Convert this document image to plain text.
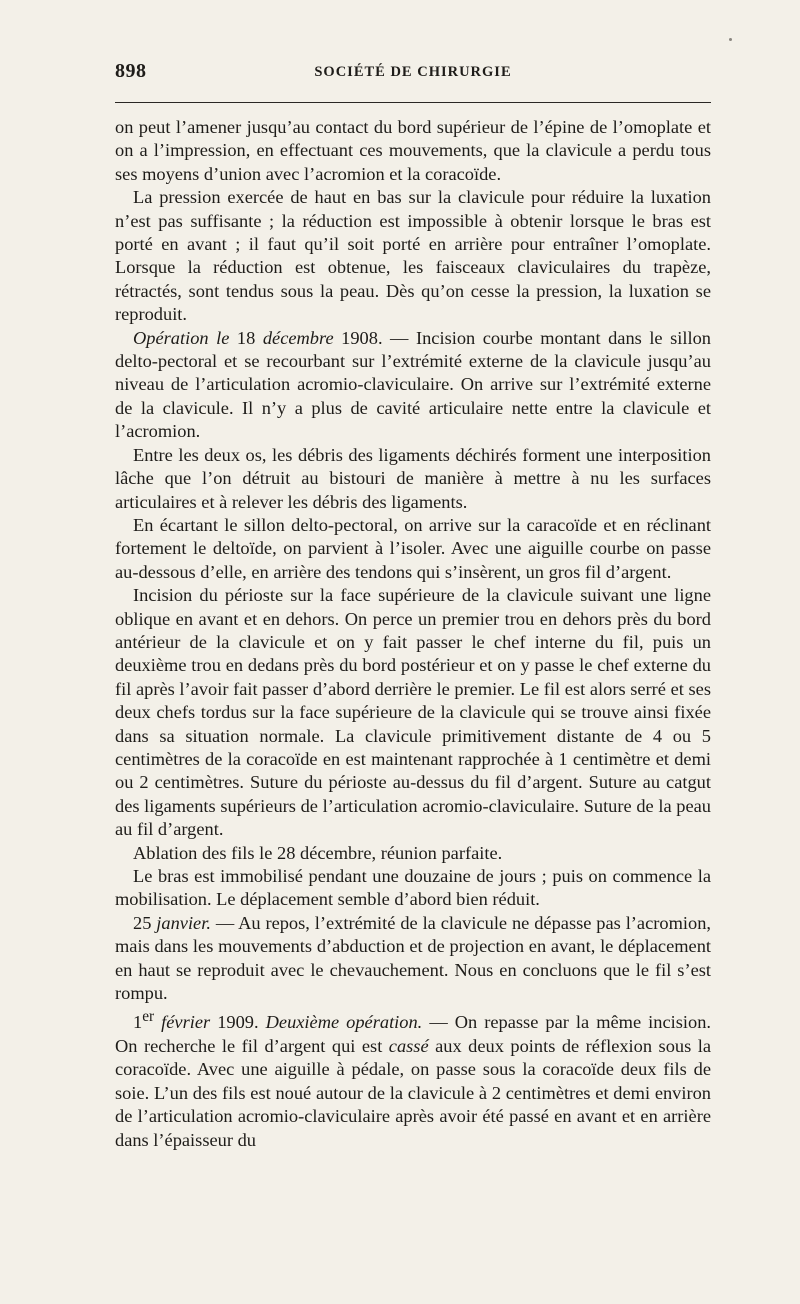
898	SOCIÉTÉ DE CHIRURGIE

on peut l’amener jusqu’au contact du bord supérieur de l’épine de l’omoplate et on a l’impression, en effectuant ces mouvements, que la clavicule a perdu tous ses moyens d’union avec l’acromion et la coracoïde.

La pression exercée de haut en bas sur la clavicule pour réduire la luxation n’est pas suffisante ; la réduction est impossible à obtenir lorsque le bras est porté en avant ; il faut qu’il soit porté en arrière pour entraîner l’omoplate. Lorsque la réduction est obtenue, les faisceaux claviculaires du trapèze, rétractés, sont tendus sous la peau. Dès qu’on cesse la pression, la luxation se reproduit.

Opération le 18 décembre 1908. — Incision courbe montant dans le sillon delto-pectoral et se recourbant sur l’extrémité externe de la clavicule jusqu’au niveau de l’articulation acromio-claviculaire. On arrive sur l’extrémité externe de la clavicule. Il n’y a plus de cavité articulaire nette entre la clavicule et l’acromion.

Entre les deux os, les débris des ligaments déchirés forment une interposition lâche que l’on détruit au bistouri de manière à mettre à nu les surfaces articulaires et à relever les débris des ligaments.

En écartant le sillon delto-pectoral, on arrive sur la caracoïde et en réclinant fortement le deltoïde, on parvient à l’isoler. Avec une aiguille courbe on passe au-dessous d’elle, en arrière des tendons qui s’insèrent, un gros fil d’argent.

Incision du périoste sur la face supérieure de la clavicule suivant une ligne oblique en avant et en dehors. On perce un premier trou en dehors près du bord antérieur de la clavicule et on y fait passer le chef interne du fil, puis un deuxième trou en dedans près du bord postérieur et on y passe le chef externe du fil après l’avoir fait passer d’abord derrière le premier. Le fil est alors serré et ses deux chefs tordus sur la face supérieure de la clavicule qui se trouve ainsi fixée dans sa situation normale. La clavicule primitivement distante de 4 ou 5 centimètres de la coracoïde en est maintenant rapprochée à 1 centimètre et demi ou 2 centimètres. Suture du périoste au-dessus du fil d’argent. Suture au catgut des ligaments supérieurs de l’articulation acromio-claviculaire. Suture de la peau au fil d’argent.

Ablation des fils le 28 décembre, réunion parfaite.

Le bras est immobilisé pendant une douzaine de jours ; puis on commence la mobilisation. Le déplacement semble d’abord bien réduit.

25 janvier. — Au repos, l’extrémité de la clavicule ne dépasse pas l’acromion, mais dans les mouvements d’abduction et de projection en avant, le déplacement en haut se reproduit avec le chevauchement. Nous en concluons que le fil s’est rompu.

1er février 1909. Deuxième opération. — On repasse par la même incision. On recherche le fil d’argent qui est cassé aux deux points de réflexion sous la coracoïde. Avec une aiguille à pédale, on passe sous la coracoïde deux fils de soie. L’un des fils est noué autour de la clavicule à 2 centimètres et demi environ de l’articulation acromio-claviculaire après avoir été passé en avant et en arrière dans l’épaisseur du
